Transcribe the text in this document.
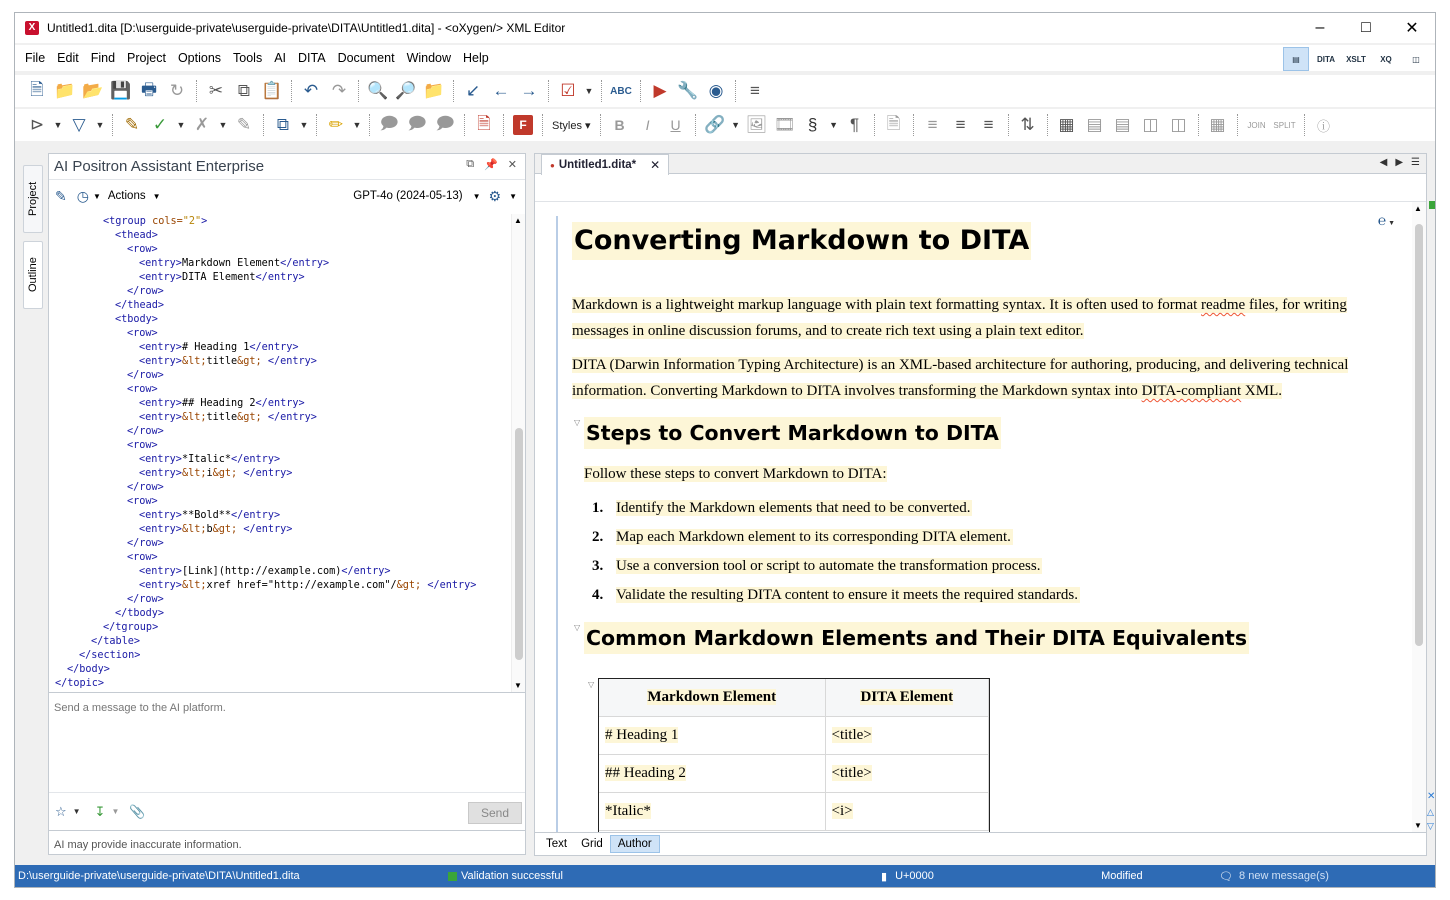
X Untitled1.dita [D:\userguide-private\userguide-private\DITA\Untitled1.dita] - <oXygen/> XML Editor	–	□	✕
File Edit Find Project Options Tools AI DITA Document Window Help	▤	DITA	XSLT	XQ	◫
🗎 📁 📂 💾 🖶 ↻	✂ ⧉ 📋	↶ ↷	🔍 🔎 📁	↙ ← →	☑ ▼	ABC	▶ 🔧 ◉	≡
⊳	▼ ▽	▼	✎ ✓	▼ ✗	▼ ✎	⧉	▼	✏	▼ 🗩 🗩 🗩	🗎	F	Styles ▾	B	I	U	🔗 ▼ 🖼 🎞 §	▼ ¶	🗎	≡	≡	≡	⇅	▦ ▤ ▤ ◫ ◫	▦	JOIN SPLIT	ⓘ
Project
Outline
AI Positron Assistant Enterprise	⧉ 📌 ✕
✎ ◷ ▼ Actions ▼	GPT-4o (2024-05-13) ▼ ⚙ ▼
<tgroup cols="2">
<thead>
<row>
<entry>Markdown Element</entry>
<entry>DITA Element</entry>
</row>
</thead>
<tbody>
<row>
<entry># Heading 1</entry>
<entry>&lt;title&gt; </entry>
</row>
<row>
<entry>## Heading 2</entry>
<entry>&lt;title&gt; </entry>
</row>
<row>
<entry>*Italic*</entry>
<entry>&lt;i&gt; </entry>
</row>
<row>
<entry>**Bold**</entry>
<entry>&lt;b&gt; </entry>
</row>
<row>
<entry>[Link](http://example.com)</entry>
<entry>&lt;xref href="http://example.com"/&gt; </entry>
</row>
</tbody>
</tgroup>
</table>
</section>
</body>
</topic>
▲
▼
Send a message to the AI platform.
☆ ▼ ↧ ▼ 📎	Send
AI may provide inaccurate information.
● Untitled1.dita* ✕	◀ ▶ ☰
℮ ▼
Converting Markdown to DITA
Markdown is a lightweight markup language with plain text formatting syntax. It is often used to format readme files, for writing messages in online discussion forums, and to create rich text using a plain text editor.
DITA (Darwin Information Typing Architecture) is an XML-based architecture for authoring, producing, and delivering technical information. Converting Markdown to DITA involves transforming the Markdown syntax into DITA-compliant XML.
▽ Steps to Convert Markdown to DITA
Follow these steps to convert Markdown to DITA:
1. Identify the Markdown elements that need to be converted.
2. Map each Markdown element to its corresponding DITA element.
3. Use a conversion tool or script to automate the transformation process.
4. Validate the resulting DITA content to ensure it meets the required standards.
▽ Common Markdown Elements and Their DITA Equivalents
▽
Markdown Element	DITA Element
# Heading 1	<title>
## Heading 2	<title>
*Italic*	<i>
▲
▼
Text	Grid	Author
✕
△
▽
D:\userguide-private\userguide-private\DITA\Untitled1.dita	Validation successful	▮ U+0000	Modified	🗨 8 new message(s)
